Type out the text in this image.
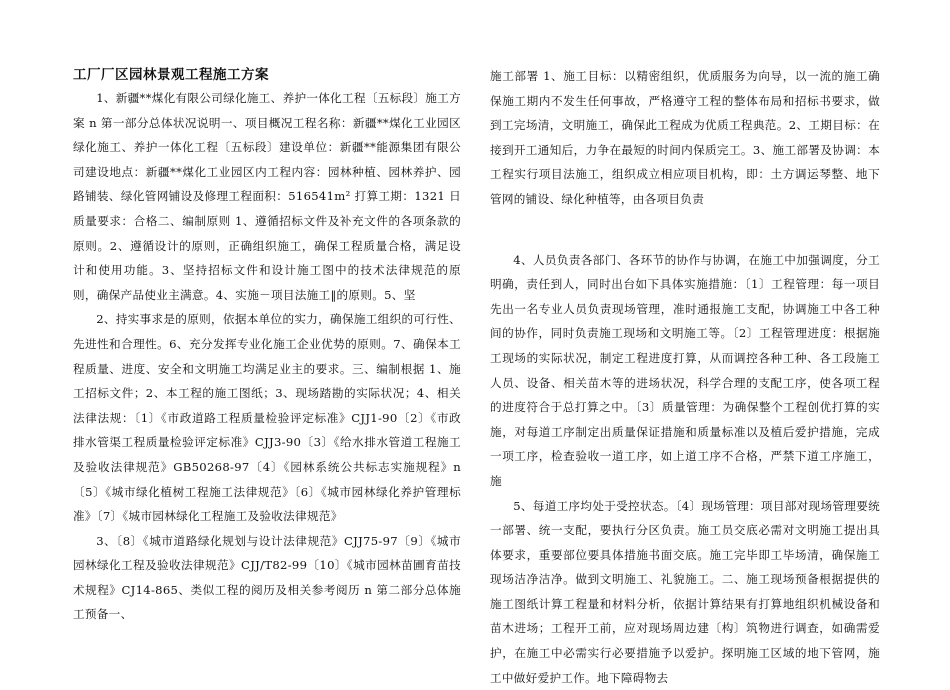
工厂厂区园林景观工程施工方案

1、新疆**煤化有限公司绿化施工、养护一体化工程〔五标段〕施工方案 n 第一部分总体状况说明一、项目概况工程名称：新疆**煤化工业园区绿化施工、养护一体化工程〔五标段〕建设单位：新疆**能源集团有限公司建设地点：新疆**煤化工业园区内工程内容：园林种植、园林养护、园路铺装、绿化管网铺设及修理工程面积：516541m² 打算工期：1321 日质量要求：合格二、编制原则 1、遵循招标文件及补充文件的各项条款的原则。2、遵循设计的原则，正确组织施工，确保工程质量合格，满足设计和使用功能。3、坚持招标文件和设计施工图中的技术法律规范的原则，确保产品使业主满意。4、实施－项目法施工‖的原则。5、坚

2、持实事求是的原则，依据本单位的实力，确保施工组织的可行性、先进性和合理性。6、充分发挥专业化施工企业优势的原则。7、确保本工程质量、进度、安全和文明施工均满足业主的要求。三、编制根据 1、施工招标文件；2、本工程的施工图纸；3、现场踏勘的实际状况；4、相关法律法规：〔1〕《市政道路工程质量检验评定标准》CJJ1-90〔2〕《市政排水管渠工程质量检验评定标准》CJJ3-90〔3〕《给水排水管道工程施工及验收法律规范》GB50268-97〔4〕《园林系统公共标志实施规程》n〔5〕《城市绿化植树工程施工法律规范》〔6〕《城市园林绿化养护管理标准》〔7〕《城市园林绿化工程施工及验收法律规范》

3、〔8〕《城市道路绿化规划与设计法律规范》CJJ75-97〔9〕《城市园林绿化工程及验收法律规范》CJJ/T82-99〔10〕《城市园林苗圃育苗技术规程》CJ14-865、类似工程的阅历及相关参考阅历 n 第二部分总体施工预备一、

施工部署 1、施工目标：以精密组织，优质服务为向导，以一流的施工确保施工期内不发生任何事故，严格遵守工程的整体布局和招标书要求，做到工完场清，文明施工，确保此工程成为优质工程典范。2、工期目标：在接到开工通知后，力争在最短的时间内保质完工。3、施工部署及协调：本工程实行项目法施工，组织成立相应项目机构，即：土方调运琴整、地下管网的铺设、绿化种植等，由各项目负责

4、人员负责各部门、各环节的协作与协调，在施工中加强调度，分工明确，责任到人，同时出台如下具体实施措施：〔1〕工程管理：每一项目先出一名专业人员负责现场管理，准时通报施工支配，协调施工中各工种间的协作，同时负责施工现场和文明施工等。〔2〕工程管理进度：根据施工现场的实际状况，制定工程进度打算，从而调控各种工种、各工段施工人员、设备、相关苗木等的进场状况，科学合理的支配工序，使各项工程的进度符合于总打算之中。〔3〕质量管理：为确保整个工程创优打算的实施，对每道工序制定出质量保证措施和质量标准以及植后爱护措施，完成一项工序，检查验收一道工序，如上道工序不合格，严禁下道工序施工，施

5、每道工序均处于受控状态。〔4〕现场管理：项目部对现场管理要统一部署、统一支配，要执行分区负责。施工员交底必需对文明施工提出具体要求，重要部位要具体措施书面交底。施工完毕即工毕场清，确保施工现场洁净洁净。做到文明施工、礼貌施工。二、施工现场预备根据提供的施工图纸计算工程量和材料分析，依据计算结果有打算地组织机械设备和苗木进场；工程开工前，应对现场周边建〔构〕筑物进行调查，如确需爱护，在施工中必需实行必要措施予以爱护。探明施工区域的地下管网，施工中做好爱护工作。地下障碍物去
